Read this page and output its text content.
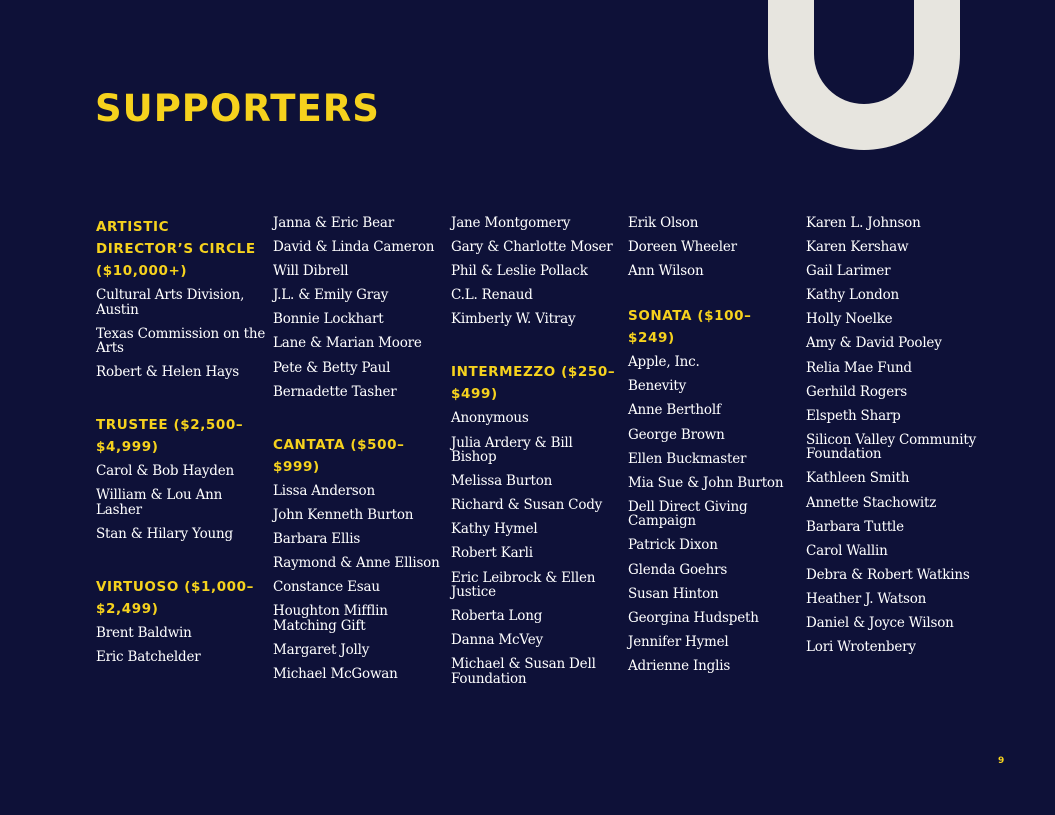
SUPPORTERS
ARTISTIC DIRECTOR’S CIRCLE ($10,000+)
Cultural Arts Division, Austin
Texas Commission on the Arts
Robert & Helen Hays
TRUSTEE ($2,500–$4,999)
Carol & Bob Hayden
William & Lou Ann Lasher
Stan & Hilary Young
VIRTUOSO ($1,000–$2,499)
Brent Baldwin
Eric Batchelder
Janna & Eric Bear
David & Linda Cameron
Will Dibrell
J.L. & Emily Gray
Bonnie Lockhart
Lane & Marian Moore
Pete & Betty Paul
Bernadette Tasher
CANTATA ($500–$999)
Lissa Anderson
John Kenneth Burton
Barbara Ellis
Raymond & Anne Ellison
Constance Esau
Houghton Mifflin Matching Gift
Margaret Jolly
Michael McGowan
Jane Montgomery
Gary & Charlotte Moser
Phil & Leslie Pollack
C.L. Renaud
Kimberly W. Vitray
INTERMEZZO ($250–$499)
Anonymous
Julia Ardery & Bill Bishop
Melissa Burton
Richard & Susan Cody
Kathy Hymel
Robert Karli
Eric Leibrock & Ellen Justice
Roberta Long
Danna McVey
Michael & Susan Dell Foundation
Erik Olson
Doreen Wheeler
Ann Wilson
SONATA ($100–$249)
Apple, Inc.
Benevity
Anne Bertholf
George Brown
Ellen Buckmaster
Mia Sue & John Burton
Dell Direct Giving Campaign
Patrick Dixon
Glenda Goehrs
Susan Hinton
Georgina Hudspeth
Jennifer Hymel
Adrienne Inglis
Karen L. Johnson
Karen Kershaw
Gail Larimer
Kathy London
Holly Noelke
Amy & David Pooley
Relia Mae Fund
Gerhild Rogers
Elspeth Sharp
Silicon Valley Community Foundation
Kathleen Smith
Annette Stachowitz
Barbara Tuttle
Carol Wallin
Debra & Robert Watkins
Heather J. Watson
Daniel & Joyce Wilson
Lori Wrotenbery
9
